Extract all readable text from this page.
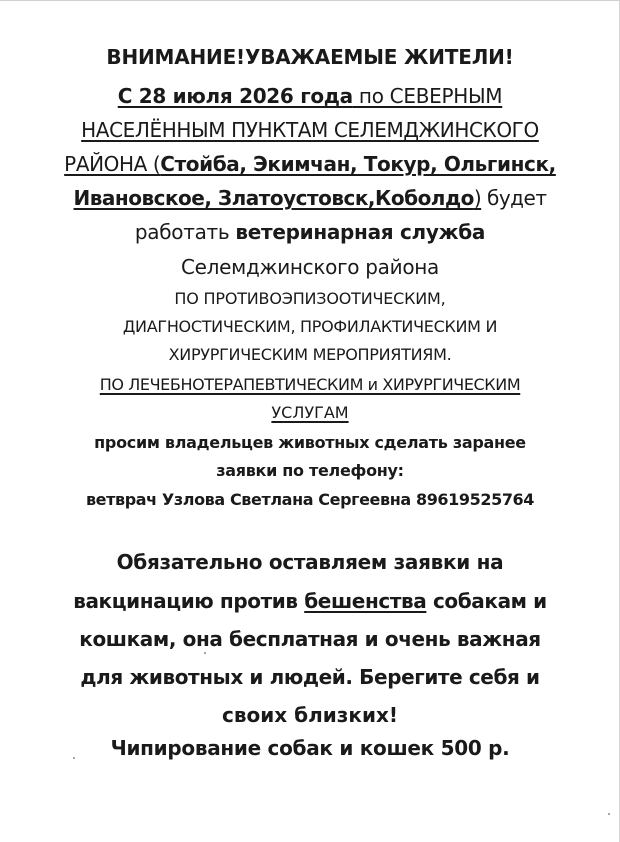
ВНИМАНИЕ!УВАЖАЕМЫЕ ЖИТЕЛИ!
С 28 июля 2026 года по СЕВЕРНЫМ
НАСЕЛЁННЫМ ПУНКТАМ СЕЛЕМДЖИНСКОГО
РАЙОНА (Стойба, Экимчан, Токур, Ольгинск,
Ивановское, Златоустовск,Коболдо) будет
работать ветеринарная служба
Селемджинского района
ПО ПРОТИВОЭПИЗООТИЧЕСКИМ,
ДИАГНОСТИЧЕСКИМ, ПРОФИЛАКТИЧЕСКИМ И
ХИРУРГИЧЕСКИМ МЕРОПРИЯТИЯМ.
ПО ЛЕЧЕБНОТЕРАПЕВТИЧЕСКИМ и ХИРУРГИЧЕСКИМ
УСЛУГАМ
просим владельцев животных сделать заранее
заявки по телефону:
ветврач Узлова Светлана Сергеевна 89619525764
Обязательно оставляем заявки на
вакцинацию против бешенства собакам и
кошкам, она бесплатная и очень важная
для животных и людей. Берегите себя и
своих близких!
Чипирование собак и кошек 500 р.
